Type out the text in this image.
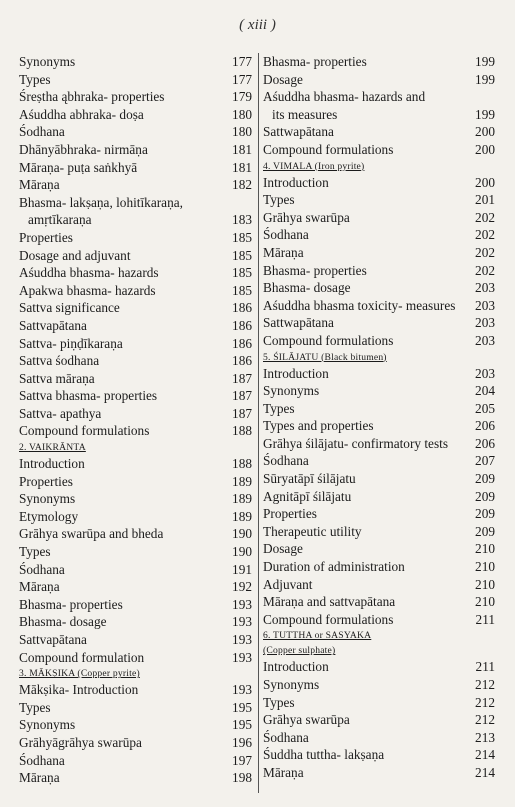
( xiii )
Synonyms	177
Types	177
Śreṣtha ąbhraka- properties	179
Aśuddha abhraka- doṣa	180
Śodhana	180
Dhānyābhraka- nirmāṇa	181
Māraṇa- puṭa saṅkhyā	181
Māraṇa	182
Bhasma- lakṣaṇa, lohitīkaraṇa,
amṛtīkaraṇa	183
Properties	185
Dosage and adjuvant	185
Aśuddha bhasma- hazards	185
Apakwa bhasma- hazards	185
Sattva significance	186
Sattvapātana	186
Sattva- piṇḍīkaraṇa	186
Sattva śodhana	186
Sattva māraṇa	187
Sattva bhasma- properties	187
Sattva- apathya	187
Compound formulations	188
2. VAIKRĀNTA
Introduction	188
Properties	189
Synonyms	189
Etymology	189
Grāhya swarūpa and bheda	190
Types	190
Śodhana	191
Māraṇa	192
Bhasma- properties	193
Bhasma- dosage	193
Sattvapātana	193
Compound formulation	193
3. MĀKṢIKA (Copper pyrite)
Mākṣika- Introduction	193
Types	195
Synonyms	195
Grāhyāgrāhya swarūpa	196
Śodhana	197
Māraṇa	198
Bhasma- properties	199
Dosage	199
Aśuddha bhasma- hazards and
its measures	199
Sattwapātana	200
Compound formulations	200
4. VIMALA (Iron pyrite)
Introduction	200
Types	201
Grāhya swarūpa	202
Śodhana	202
Māraṇa	202
Bhasma- properties	202
Bhasma- dosage	203
Aśuddha bhasma toxicity- measures	203
Sattwapātana	203
Compound formulations	203
5. ŚILĀJATU (Black bitumen)
Introduction	203
Synonyms	204
Types	205
Types and properties	206
Grāhya śilājatu- confirmatory tests	206
Śodhana	207
Sūryatāpī śilājatu	209
Agnitāpī śilājatu	209
Properties	209
Therapeutic utility	209
Dosage	210
Duration of administration	210
Adjuvant	210
Māraṇa and sattvapātana	210
Compound formulations	211
6. TUTTHA or SASYAKA
(Copper sulphate)
Introduction	211
Synonyms	212
Types	212
Grāhya swarūpa	212
Śodhana	213
Śuddha tuttha- lakṣaṇa	214
Māraṇa	214
